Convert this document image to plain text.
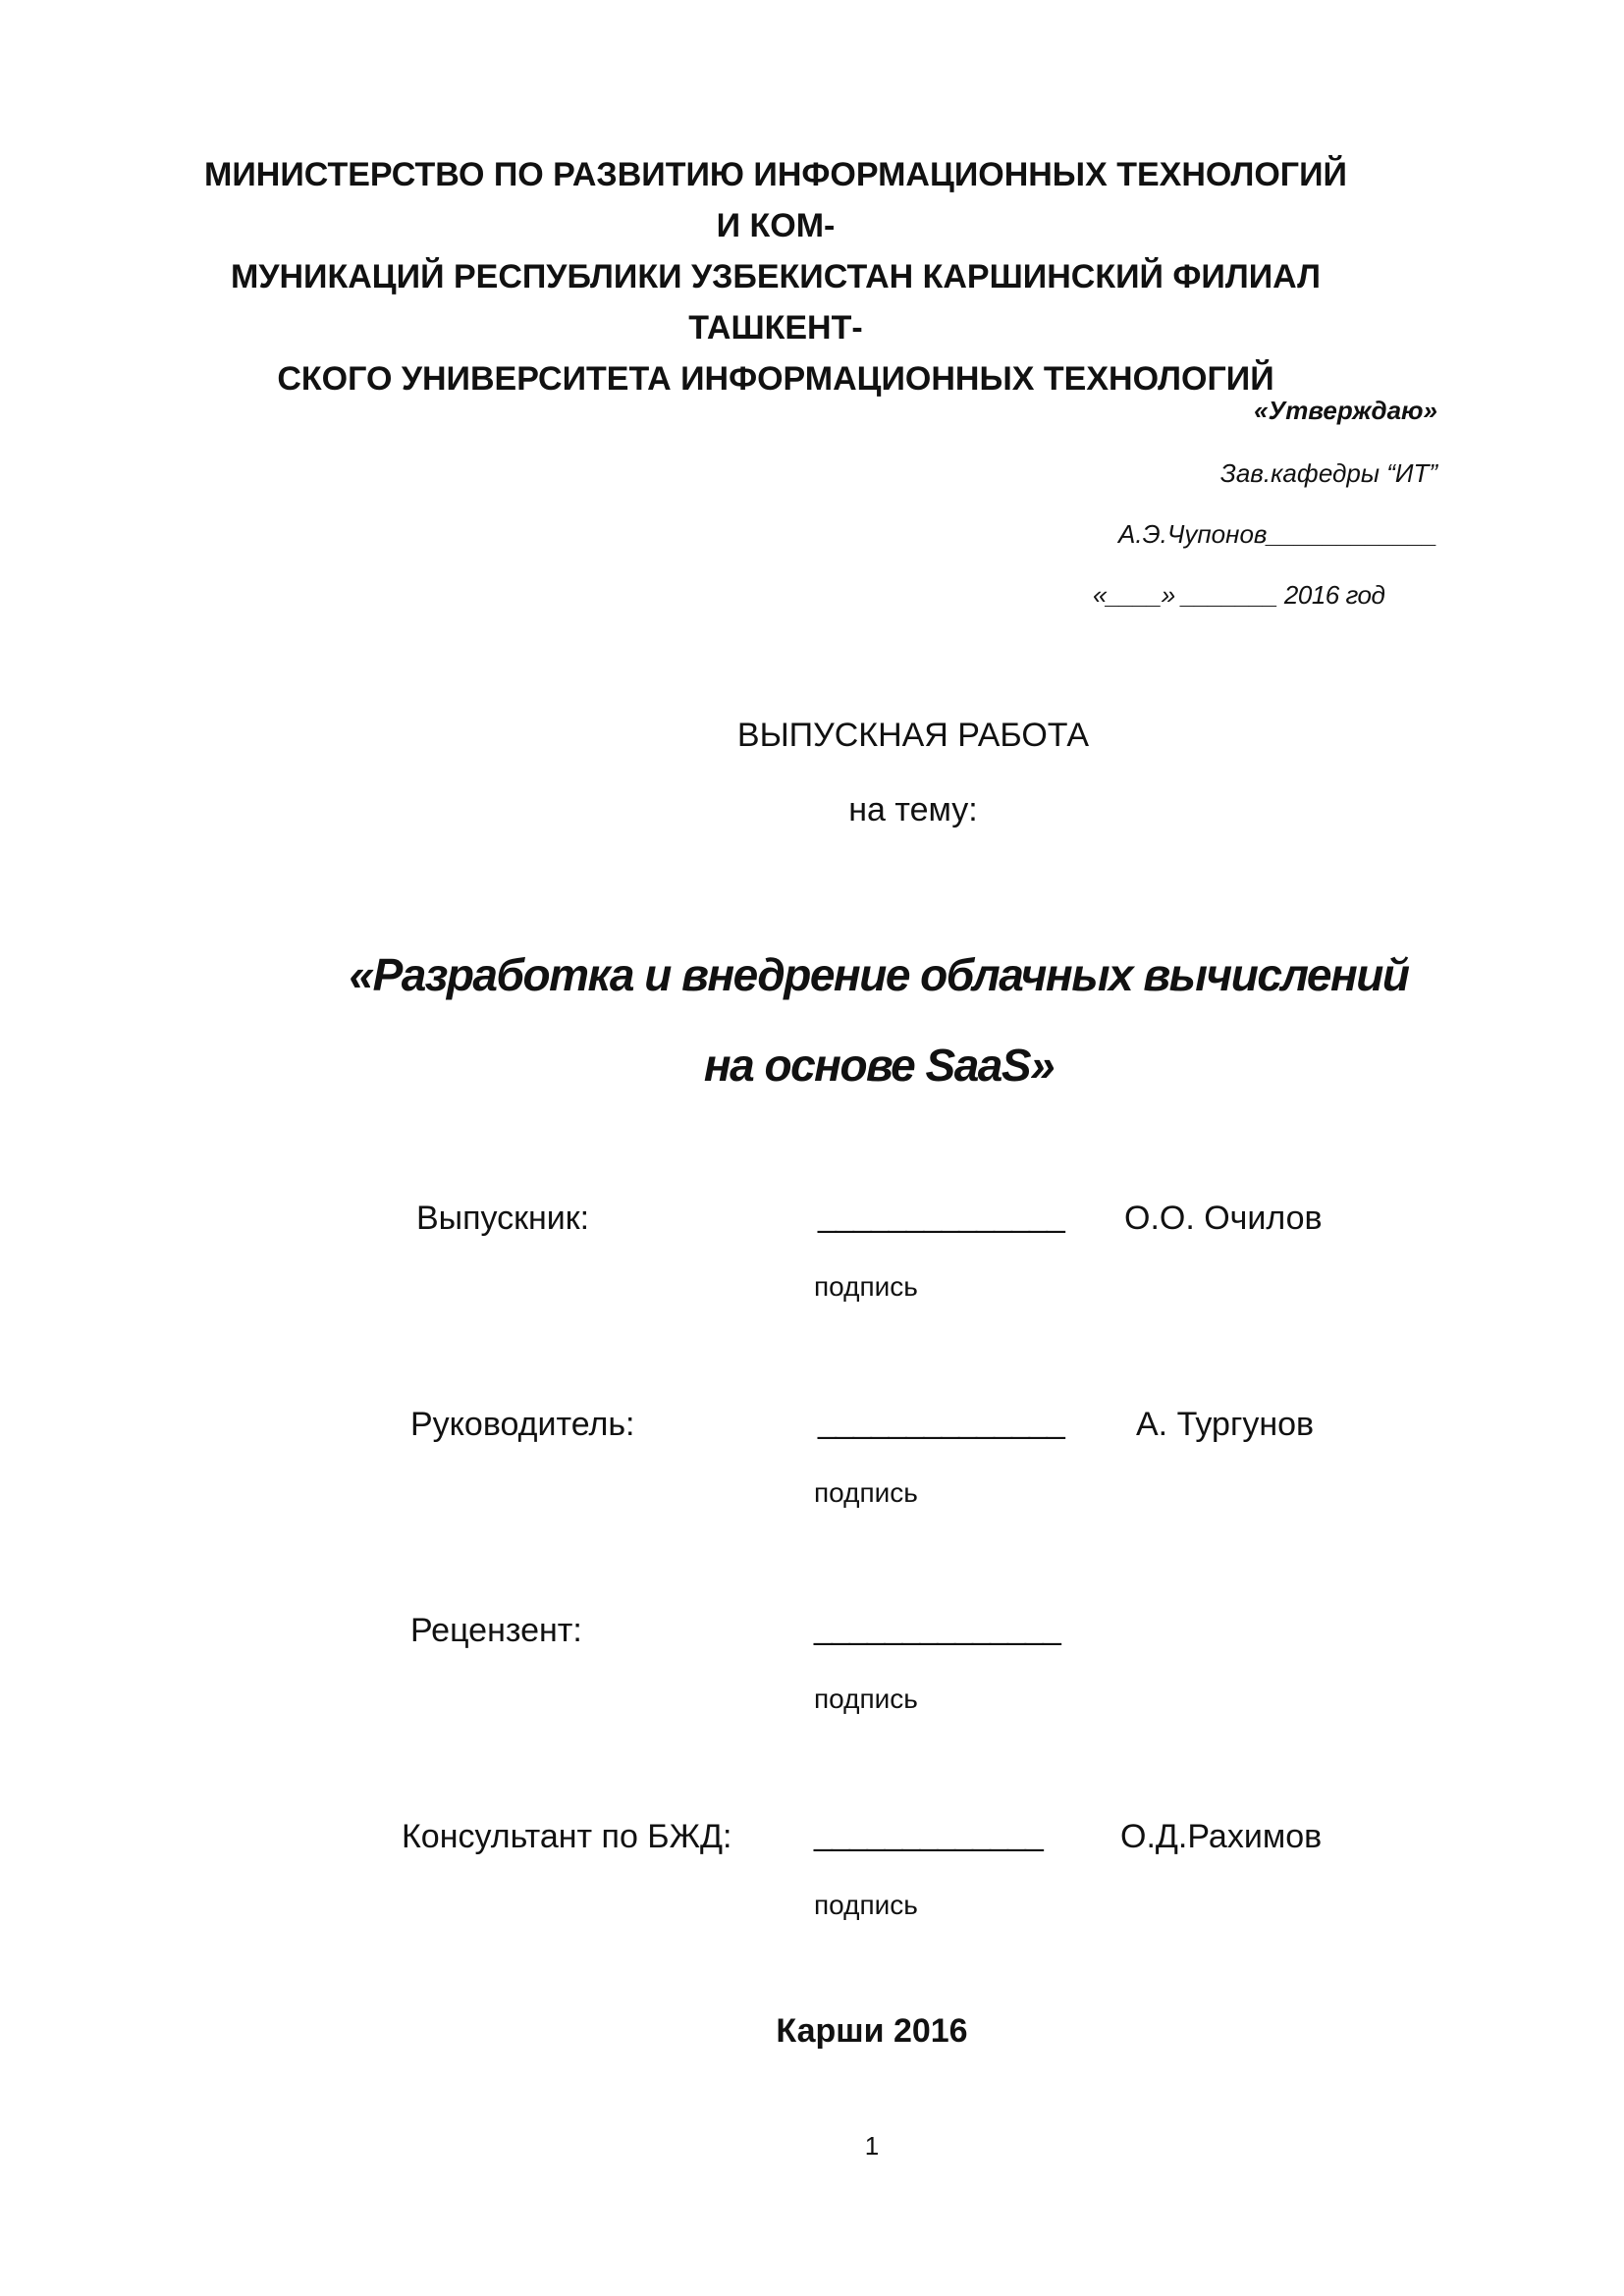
МИНИСТЕРСТВО ПО РАЗВИТИЮ ИНФОРМАЦИОННЫХ ТЕХНОЛОГИЙ И КОМ-
МУНИКАЦИЙ РЕСПУБЛИКИ УЗБЕКИСТАН КАРШИНСКИЙ ФИЛИАЛ ТАШКЕНТ-
СКОГО УНИВЕРСИТЕТА ИНФОРМАЦИОННЫХ ТЕХНОЛОГИЙ
«Утверждаю»
Зав.кафедры “ИТ”
А.Э.Чупонов____________
«____» _______ 2016 год
ВЫПУСКНАЯ РАБОТА
на тему:
«Разработка и внедрение облачных вычислений
на основе SaaS»
Выпускник:	______________ О.О. Очилов
подпись
Руководитель:	______________ А. Тургунов
подпись
Рецензент:	______________
подпись
Консультант по БЖД: _____________ О.Д.Рахимов
подпись
Карши 2016
1
